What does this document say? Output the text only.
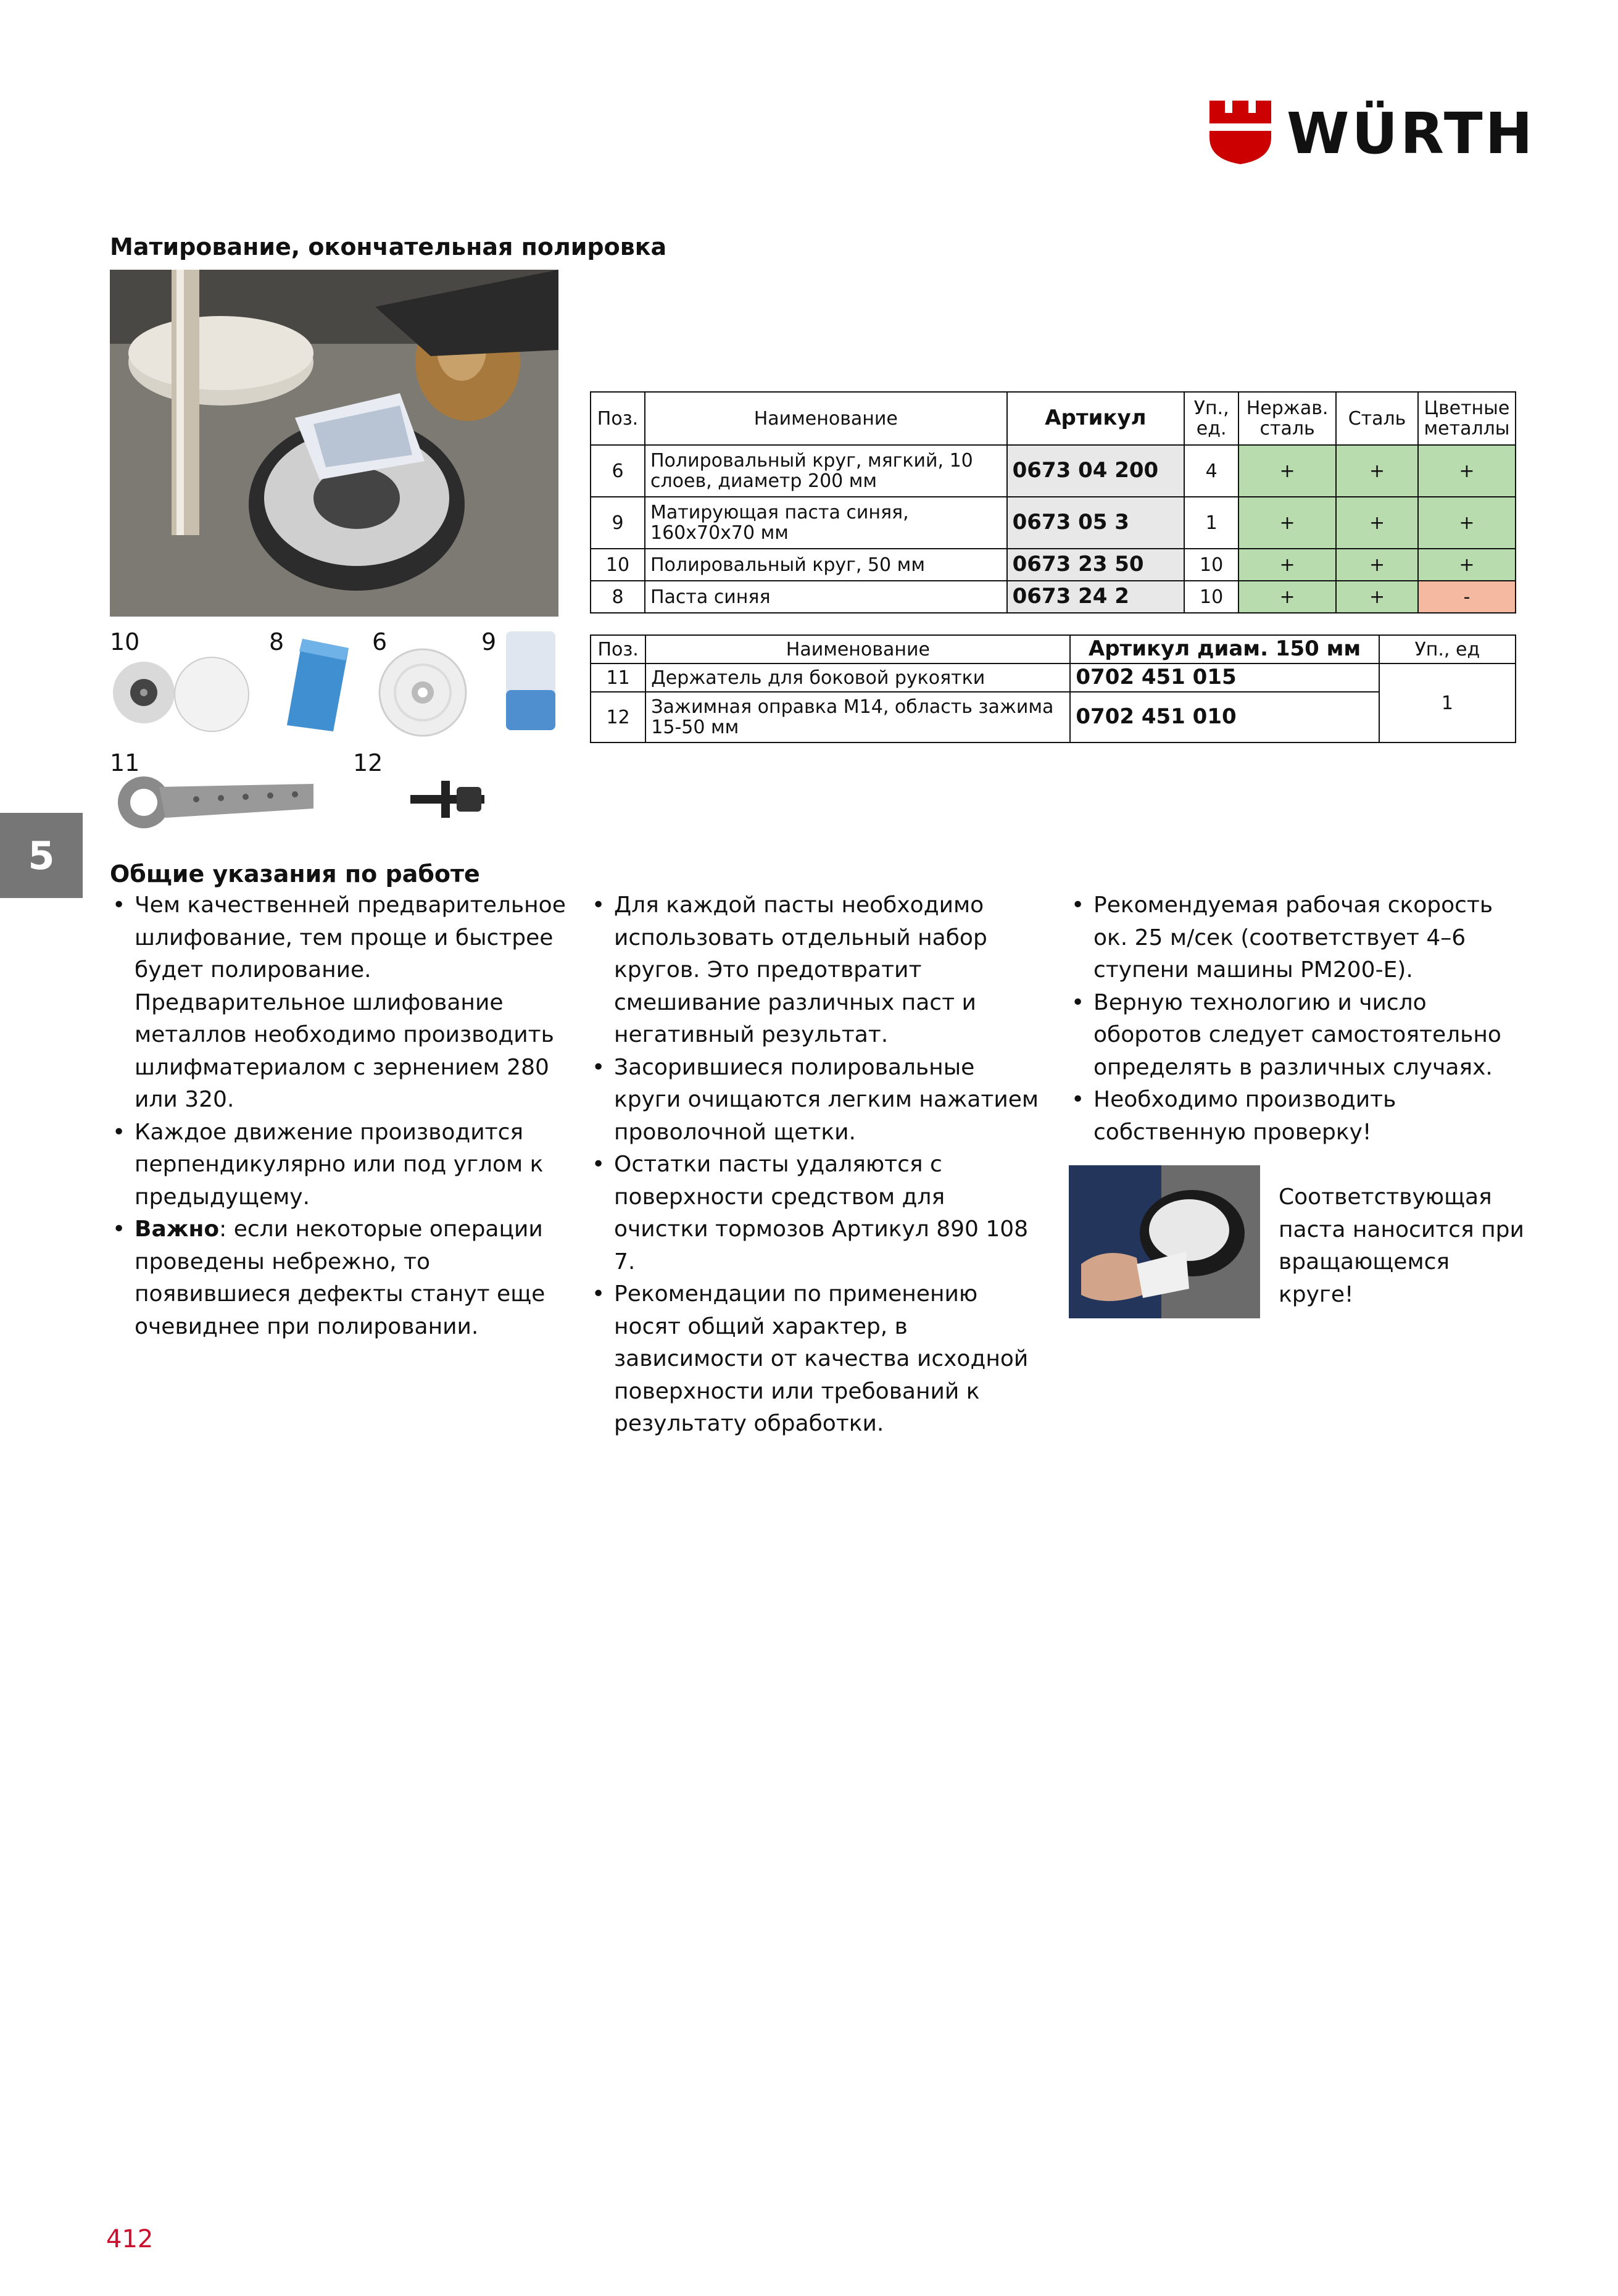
WÜRTH
Матирование, окончательная полировка
10	8	6	9
11	12
Поз.	Наименование	Артикул	Уп., ед.	Нержав. сталь	Сталь	Цветные металлы
6	Полировальный круг, мягкий, 10 слоев, диаметр 200 мм	0673 04 200	4	+	+	+
9	Матирующая паста синяя, 160x70x70 мм	0673 05 3	1	+	+	+
10	Полировальный круг, 50 мм	0673 23 50	10	+	+	+
8	Паста синяя	0673 24 2	10	+	+	-
Поз.	Наименование	Артикул диам. 150 мм	Уп., ед
11	Держатель для боковой рукоятки	0702 451 015	1
12	Зажимная оправка M14, область зажима 15-50 мм	0702 451 010	
5	Общие указания по работе
• Чем качественней предварительное шлифование, тем проще и быстрее будет полирование. Предварительное шлифование металлов необходимо производить шлифматериалом с зернением 280 или 320.
• Каждое движение производится перпендикулярно или под углом к предыдущему.
• Важно: если некоторые операции проведены небрежно, то появившиеся дефекты станут еще очевиднее при полировании.
• Для каждой пасты необходимо использовать отдельный набор кругов. Это предотвратит смешивание различных паст и негативный результат.
• Засорившиеся полировальные круги очищаются легким нажатием проволочной щетки.
• Остатки пасты удаляются с поверхности средством для очистки тормозов Артикул 890 108 7.
• Рекомендации по применению носят общий характер, в зависимости от качества исходной поверхности или требований к результату обработки.
• Рекомендуемая рабочая скорость ок. 25 м/сек (соответствует 4–6 ступени машины PM200-E).
• Верную технологию и число оборотов следует самостоятельно определять в различных случаях.
• Необходимо производить собственную проверку!
Соответствующая паста наносится при вращающемся круге!
412
